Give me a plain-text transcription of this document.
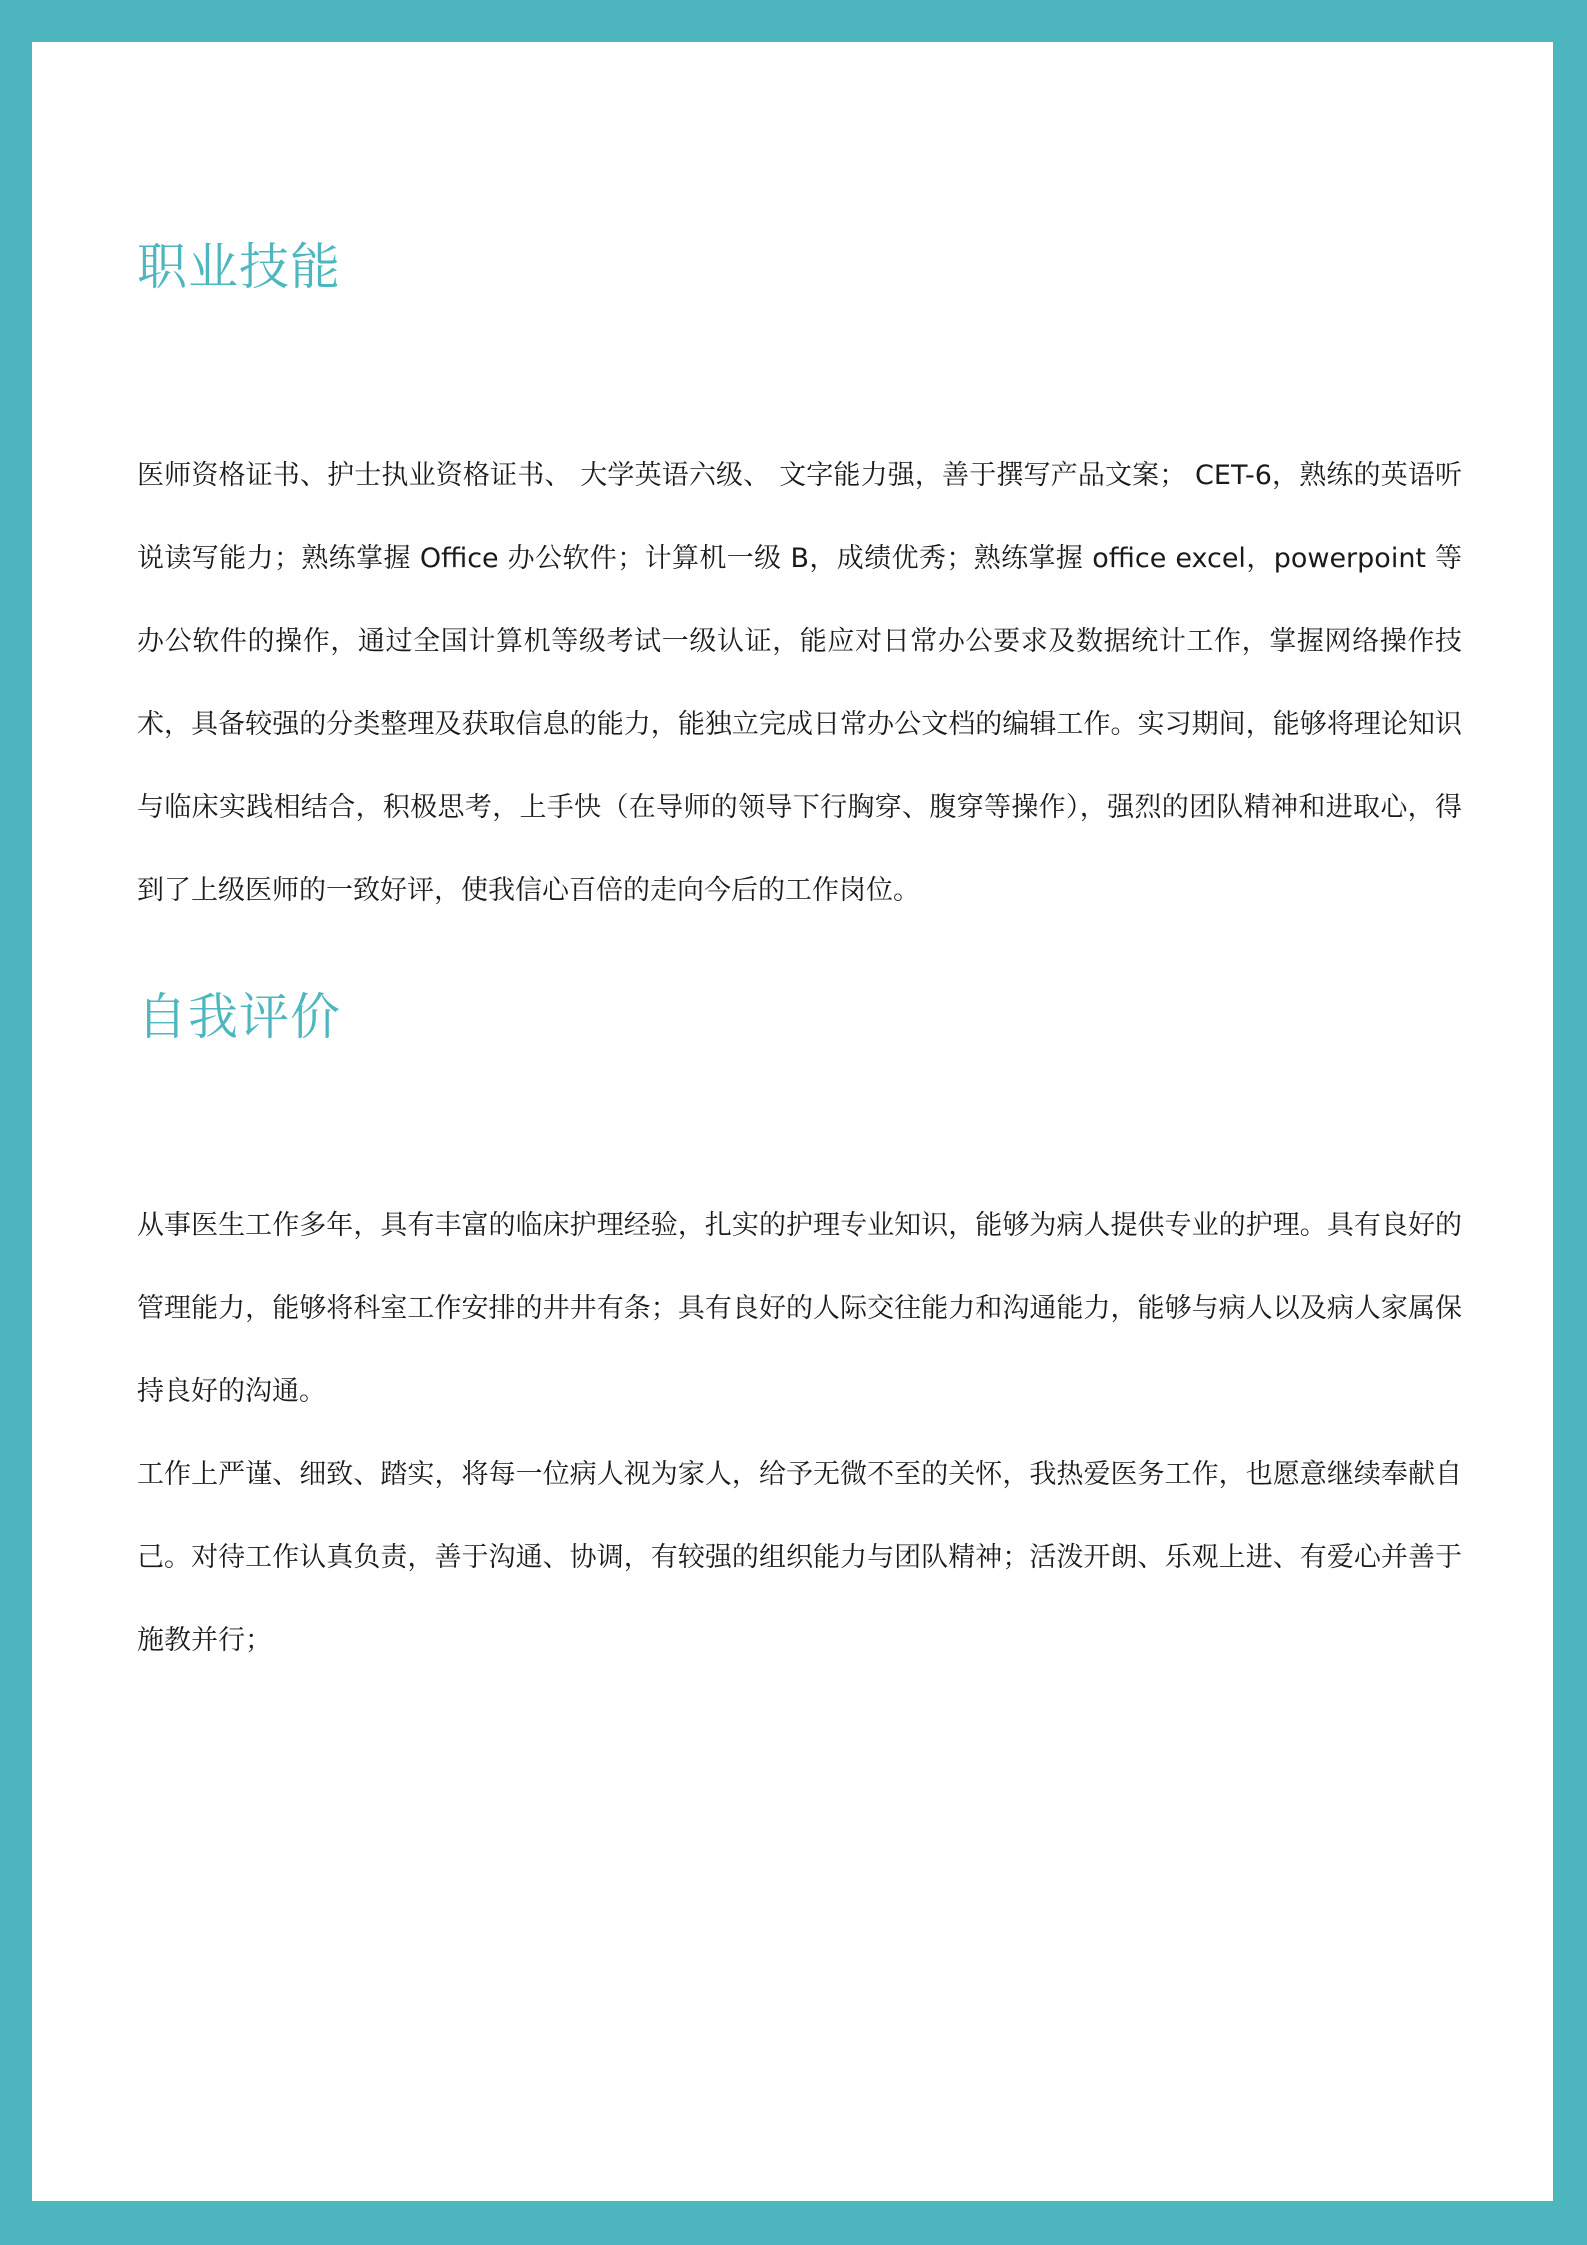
职业技能

医师资格证书、护士执业资格证书、 大学英语六级、 文字能力强，善于撰写产品文案； CET-6，熟练的英语听说读写能力；熟练掌握 Office 办公软件；计算机一级 B，成绩优秀；熟练掌握 office excel，powerpoint 等办公软件的操作，通过全国计算机等级考试一级认证，能应对日常办公要求及数据统计工作，掌握网络操作技术，具备较强的分类整理及获取信息的能力，能独立完成日常办公文档的编辑工作。实习期间，能够将理论知识与临床实践相结合，积极思考，上手快（在导师的领导下行胸穿、腹穿等操作），强烈的团队精神和进取心，得到了上级医师的一致好评，使我信心百倍的走向今后的工作岗位。

自我评价

从事医生工作多年，具有丰富的临床护理经验，扎实的护理专业知识，能够为病人提供专业的护理。具有良好的管理能力，能够将科室工作安排的井井有条；具有良好的人际交往能力和沟通能力，能够与病人以及病人家属保持良好的沟通。

工作上严谨、细致、踏实，将每一位病人视为家人，给予无微不至的关怀，我热爱医务工作，也愿意继续奉献自己。对待工作认真负责，善于沟通、协调，有较强的组织能力与团队精神；活泼开朗、乐观上进、有爱心并善于施教并行；
